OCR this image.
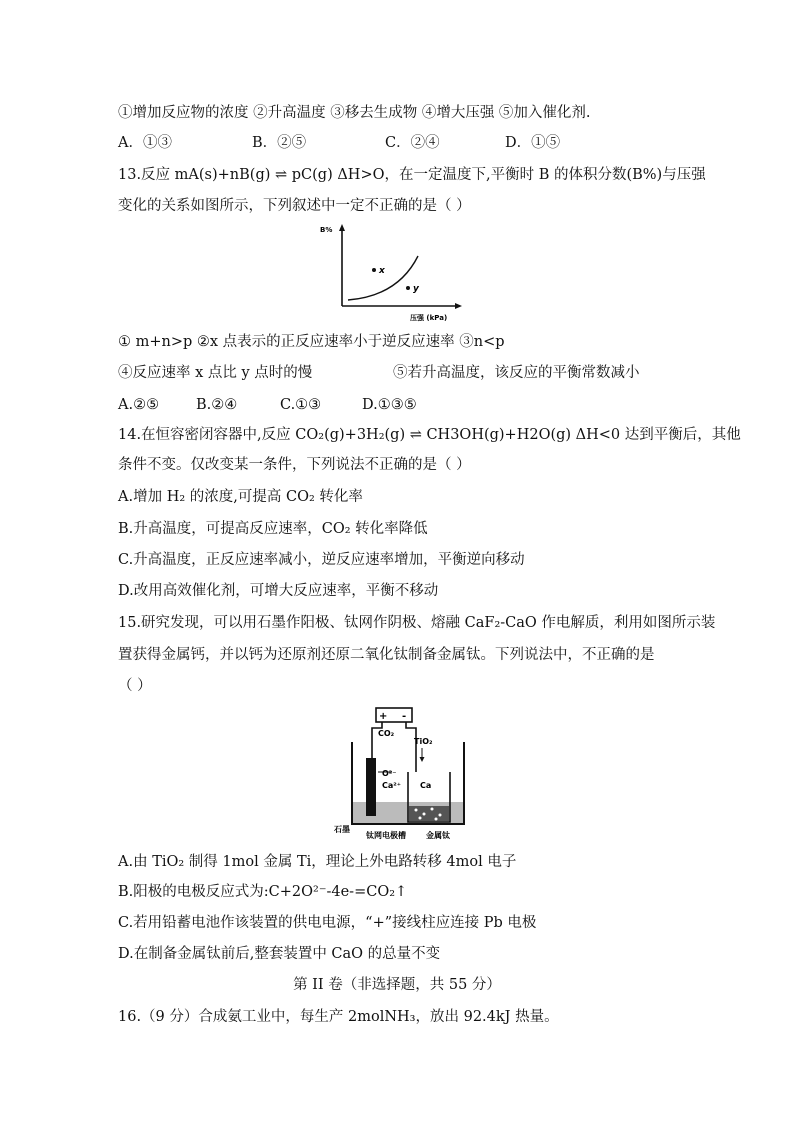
①增加反应物的浓度 ②升高温度 ③移去生成物 ④增大压强 ⑤加入催化剂.
A．①③	B．②⑤	C．②④	D．①⑤
13.反应 mA(s)+nB(g) ⇌ pC(g) ΔH>O，在一定温度下,平衡时 B 的体积分数(B%)与压强
变化的关系如图所示，下列叙述中一定不正确的是（ ）
B%
压强 (kPa)
x
y
① m+n>p ②x 点表示的正反应速率小于逆反应速率 ③n<p
④反应速率 x 点比 y 点时的慢	⑤若升高温度，该反应的平衡常数减小
A.②⑤	B.②④	C.①③	D.①③⑤
14.在恒容密闭容器中,反应 CO₂(g)+3H₂(g) ⇌ CH3OH(g)+H2O(g) ΔH<0 达到平衡后，其他
条件不变。仅改变某一条件，下列说法不正确的是（ ）
A.增加 H₂ 的浓度,可提高 CO₂ 转化率
B.升高温度，可提高反应速率，CO₂ 转化率降低
C.升高温度，正反应速率减小，逆反应速率增加，平衡逆向移动
D.改用高效催化剂，可增大反应速率，平衡不移动
15.研究发现，可以用石墨作阳极、钛网作阴极、熔融 CaF₂-CaO 作电解质，利用如图所示装
置获得金属钙，并以钙为还原剂还原二氧化钛制备金属钛。下列说法中，不正确的是
（ ）
+ -
CO₂
TiO₂
O²⁻
Ca²⁺ Ca
石墨
钛网电极槽	金属钛
A.由 TiO₂ 制得 1mol 金属 Ti，理论上外电路转移 4mol 电子
B.阳极的电极反应式为:C+2O²⁻-4e-=CO₂↑
C.若用铅蓄电池作该装置的供电电源，“+”接线柱应连接 Pb 电极
D.在制备金属钛前后,整套装置中 CaO 的总量不变
第 II 卷（非选择题，共 55 分）
16.（9 分）合成氨工业中，每生产 2molNH₃，放出 92.4kJ 热量。
